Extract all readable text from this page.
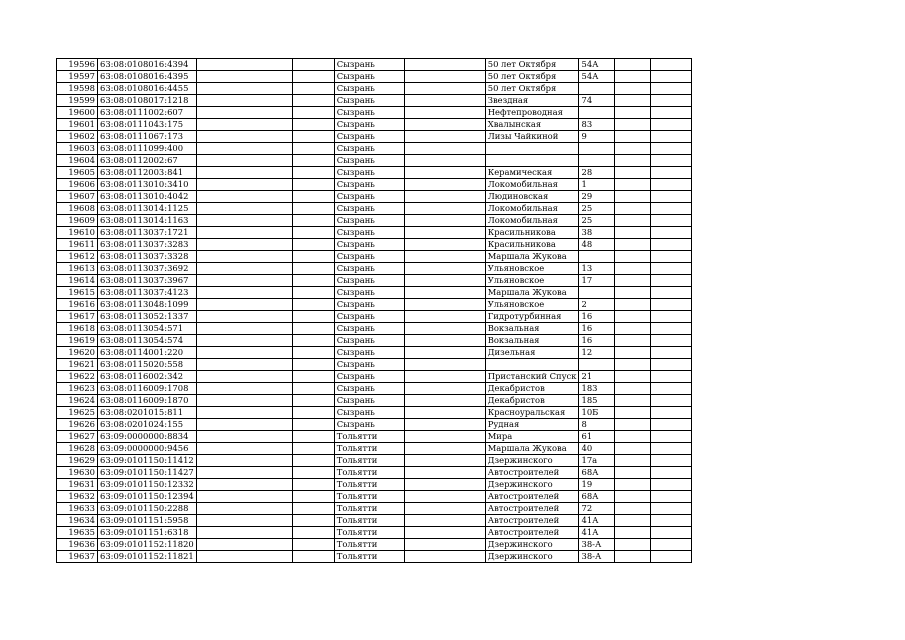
19596	63:08:0108016:4394			Сызрань		50 лет Октября	54А		
19597	63:08:0108016:4395			Сызрань		50 лет Октября	54А		
19598	63:08:0108016:4455			Сызрань		50 лет Октября			
19599	63:08:0108017:1218			Сызрань		Звездная	74		
19600	63:08:0111002:607			Сызрань		Нефтепроводная			
19601	63:08:0111043:175			Сызрань		Хвалынская	83		
19602	63:08:0111067:173			Сызрань		Лизы Чайкиной	9		
19603	63:08:0111099:400			Сызрань					
19604	63:08:0112002:67			Сызрань					
19605	63:08:0112003:841			Сызрань		Керамическая	28		
19606	63:08:0113010:3410			Сызрань		Локомобильная	1		
19607	63:08:0113010:4042			Сызрань		Людиновская	29		
19608	63:08:0113014:1125			Сызрань		Локомобильная	25		
19609	63:08:0113014:1163			Сызрань		Локомобильная	25		
19610	63:08:0113037:1721			Сызрань		Красильникова	38		
19611	63:08:0113037:3283			Сызрань		Красильникова	48		
19612	63:08:0113037:3328			Сызрань		Маршала Жукова			
19613	63:08:0113037:3692			Сызрань		Ульяновское	13		
19614	63:08:0113037:3967			Сызрань		Ульяновское	17		
19615	63:08:0113037:4123			Сызрань		Маршала Жукова			
19616	63:08:0113048:1099			Сызрань		Ульяновское	2		
19617	63:08:0113052:1337			Сызрань		Гидротурбинная	16		
19618	63:08:0113054:571			Сызрань		Вокзальная	16		
19619	63:08:0113054:574			Сызрань		Вокзальная	16		
19620	63:08:0114001:220			Сызрань		Дизельная	12		
19621	63:08:0115020:558			Сызрань					
19622	63:08:0116002:342			Сызрань		Пристанский Спуск	21		
19623	63:08:0116009:1708			Сызрань		Декабристов	183		
19624	63:08:0116009:1870			Сызрань		Декабристов	185		
19625	63:08:0201015:811			Сызрань		Красноуральская	10Б		
19626	63:08:0201024:155			Сызрань		Рудная	8		
19627	63:09:0000000:8834			Тольятти		Мира	61		
19628	63:09:0000000:9456			Тольятти		Маршала Жукова	40		
19629	63:09:0101150:11412			Тольятти		Дзержинского	17а		
19630	63:09:0101150:11427			Тольятти		Автостроителей	68А		
19631	63:09:0101150:12332			Тольятти		Дзержинского	19		
19632	63:09:0101150:12394			Тольятти		Автостроителей	68А		
19633	63:09:0101150:2288			Тольятти		Автостроителей	72		
19634	63:09:0101151:5958			Тольятти		Автостроителей	41А		
19635	63:09:0101151:6318			Тольятти		Автостроителей	41А		
19636	63:09:0101152:11820			Тольятти		Дзержинского	38-А		
19637	63:09:0101152:11821			Тольятти		Дзержинского	38-А		
